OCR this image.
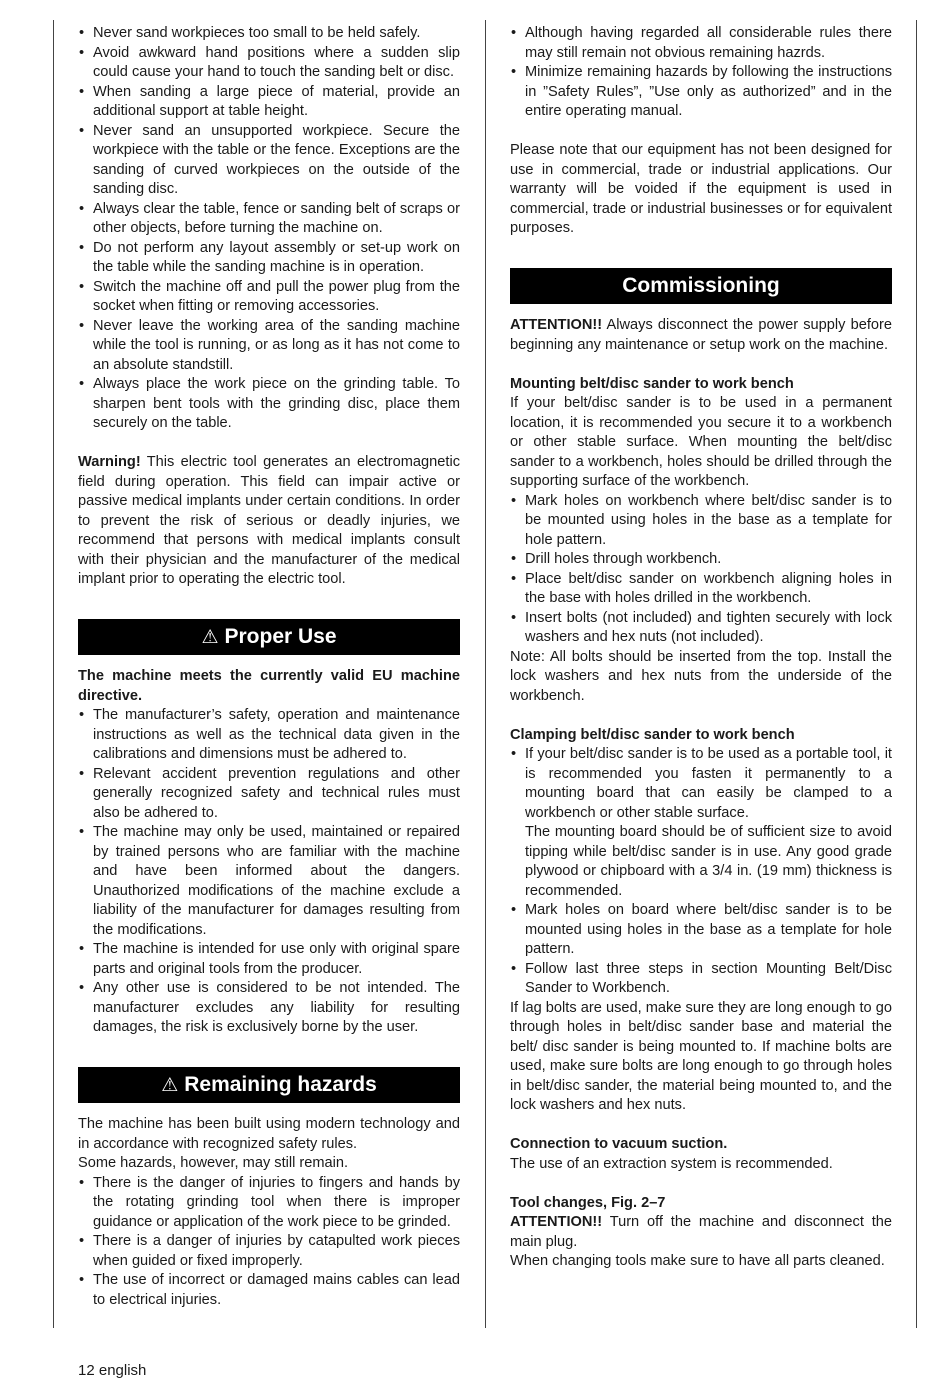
• Never sand workpieces too small to be held safely.
• Avoid awkward hand positions where a sudden slip could cause your hand to touch the sanding belt or disc.
• When sanding a large piece of material, provide an additional support at table height.
• Never sand an unsupported workpiece. Secure the workpiece with the table or the fence. Exceptions are the sanding of curved workpieces on the outside of the sanding disc.
• Always clear the table, fence or sanding belt of scraps or other objects, before turning the machine on.
• Do not perform any layout assembly or set-up work on the table while the sanding machine is in operation.
• Switch the machine off and pull the power plug from the socket when fitting or removing accessories.
• Never leave the working area of the sanding machine while the tool is running, or as long as it has not come to an absolute standstill.
• Always place the work piece on the grinding table. To sharpen bent tools with the grinding disc, place them securely on the table.

Warning! This electric tool generates an electromagnetic field during operation. This field can impair active or passive medical implants under certain conditions. In order to prevent the risk of serious or deadly injuries, we recommend that persons with medical implants consult with their physician and the manufacturer of the medical implant prior to operating the electric tool.

⚠ Proper Use

The machine meets the currently valid EU machine directive.

• The manufacturer’s safety, operation and maintenance instructions as well as the technical data given in the calibrations and dimensions must be adhered to.
• Relevant accident prevention regulations and other generally recognized safety and technical rules must also be adhered to.
• The machine may only be used, maintained or repaired by trained persons who are familiar with the machine and have been informed about the dangers. Unauthorized modifications of the machine exclude a liability of the manufacturer for damages resulting from the modifications.
• The machine is intended for use only with original spare parts and original tools from the producer.
• Any other use is considered to be not intended. The manufacturer excludes any liability for resulting damages, the risk is exclusively borne by the user.
⚠ Remaining hazards

The machine has been built using modern technology and in accordance with recognized safety rules.

Some hazards, however, may still remain.

• There is the danger of injuries to fingers and hands by the rotating grinding tool when there is improper guidance or application of the work piece to be grinded.
• There is a danger of injuries by catapulted work pieces when guided or fixed improperly.
• The use of incorrect or damaged mains cables can lead to electrical injuries.
• Although having regarded all considerable rules there may still remain not obvious remaining hazrds.
• Minimize remaining hazards by following the instructions in ”Safety Rules”, ”Use only as authorized” and in the entire operating manual.

Please note that our equipment has not been designed for use in commercial, trade or industrial applications. Our warranty will be voided if the equipment is used in commercial, trade or industrial businesses or for equivalent purposes.

Commissioning

ATTENTION!! Always disconnect the power supply before beginning any maintenance or setup work on the machine.

Mounting belt/disc sander to work bench

If your belt/disc sander is to be used in a permanent location, it is recommended you secure it to a workbench or other stable surface. When mounting the belt/disc sander to a workbench, holes should be drilled through the supporting surface of the workbench.

• Mark holes on workbench where belt/disc sander is to be mounted using holes in the base as a template for hole pattern.
• Drill holes through workbench.
• Place belt/disc sander on workbench aligning holes in the base with holes drilled in the workbench.
• Insert bolts (not included) and tighten securely with lock washers and hex nuts (not included).

Note: All bolts should be inserted from the top. Install the lock washers and hex nuts from the underside of the workbench.

Clamping belt/disc sander to work bench

• If your belt/disc sander is to be used as a portable tool, it is recommended you fasten it permanently to a mounting board that can easily be clamped to a workbench or other stable surface.
The mounting board should be of sufficient size to avoid tipping while belt/disc sander is in use. Any good grade plywood or chipboard with a 3/4 in. (19 mm) thickness is recommended.
• Mark holes on board where belt/disc sander is to be mounted using holes in the base as a template for hole pattern.
• Follow last three steps in section Mounting Belt/Disc Sander to Workbench.

If lag bolts are used, make sure they are long enough to go through holes in belt/disc sander base and material the belt/ disc sander is being mounted to. If machine bolts are used, make sure bolts are long enough to go through holes in belt/disc sander, the material being mounted to, and the lock washers and hex nuts.

Connection to vacuum suction.

The use of an extraction system is recommended.

Tool changes, Fig. 2–7

ATTENTION!! Turn off the machine and disconnect the main plug.

When changing tools make sure to have all parts cleaned.

12 english
